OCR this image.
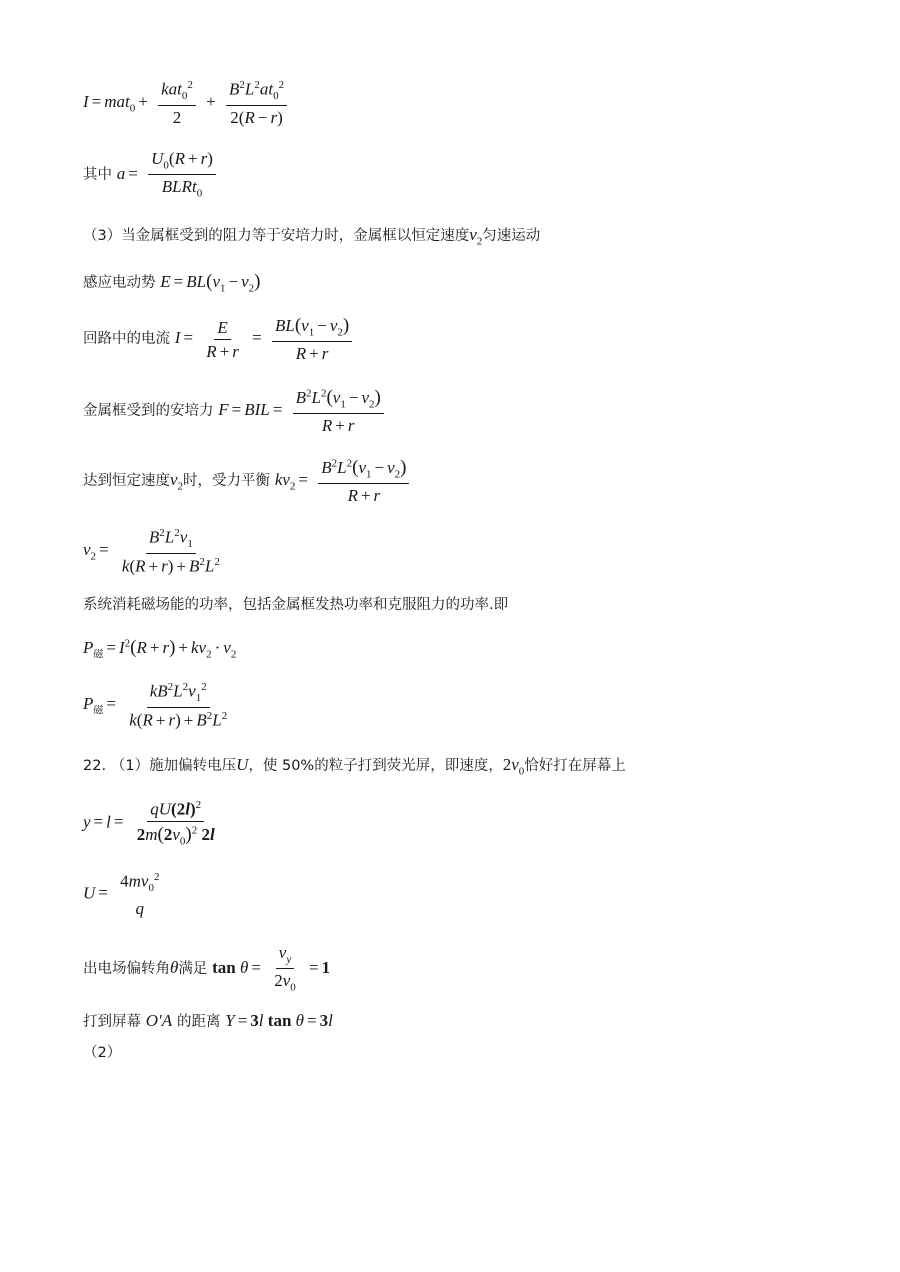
$I = mat_0 + \frac{kat_0^2}{2} + \frac{B^2L^2at_0^2}{2(R - r)}$
其中 $a = \frac{U_0(R + r)}{BLRt_0}$
（3）当金属框受到的阻力等于安培力时，金属框以恒定速度$v_2$匀速运动
感应电动势 $E = BL(v_1 - v_2)$
回路中的电流 $I = \frac{E}{R + r} = \frac{BL(v_1 - v_2)}{R + r}$
金属框受到的安培力 F = BIL = $\frac{B^2L^2(v_1 - v_2)}{R + r}$
达到恒定速度$v_2$时，受力平衡 $kv_2 = \frac{B^2L^2(v_1 - v_2)}{R + r}$
$v_2 = \frac{B^2L^2v_1}{k(R + r) + B^2L^2}$
系统消耗磁场能的功率，包括金属框发热功率和克服阻力的功率.即
$P_磁 = I^2(R + r) + kv_2 \cdot v_2$
$P_磁 = \frac{kB^2L^2v_1^2}{k(R + r) + B^2L^2}$
22. （1）施加偏转电压U，使 50%的粒子打到荧光屏，即速度，$2v_0$恰好打在屏幕上
$y = l = \frac{qU(2l)^2}{2m(2v_0)^2 2l}$
U =
$4mv_0^2$
q
出电场偏转角θ满足 $\tan \theta = \frac{v_y}{2v_0} = 1$
打到屏幕 O′A 的距离 Y = 3l tan θ = 3l
（2）
